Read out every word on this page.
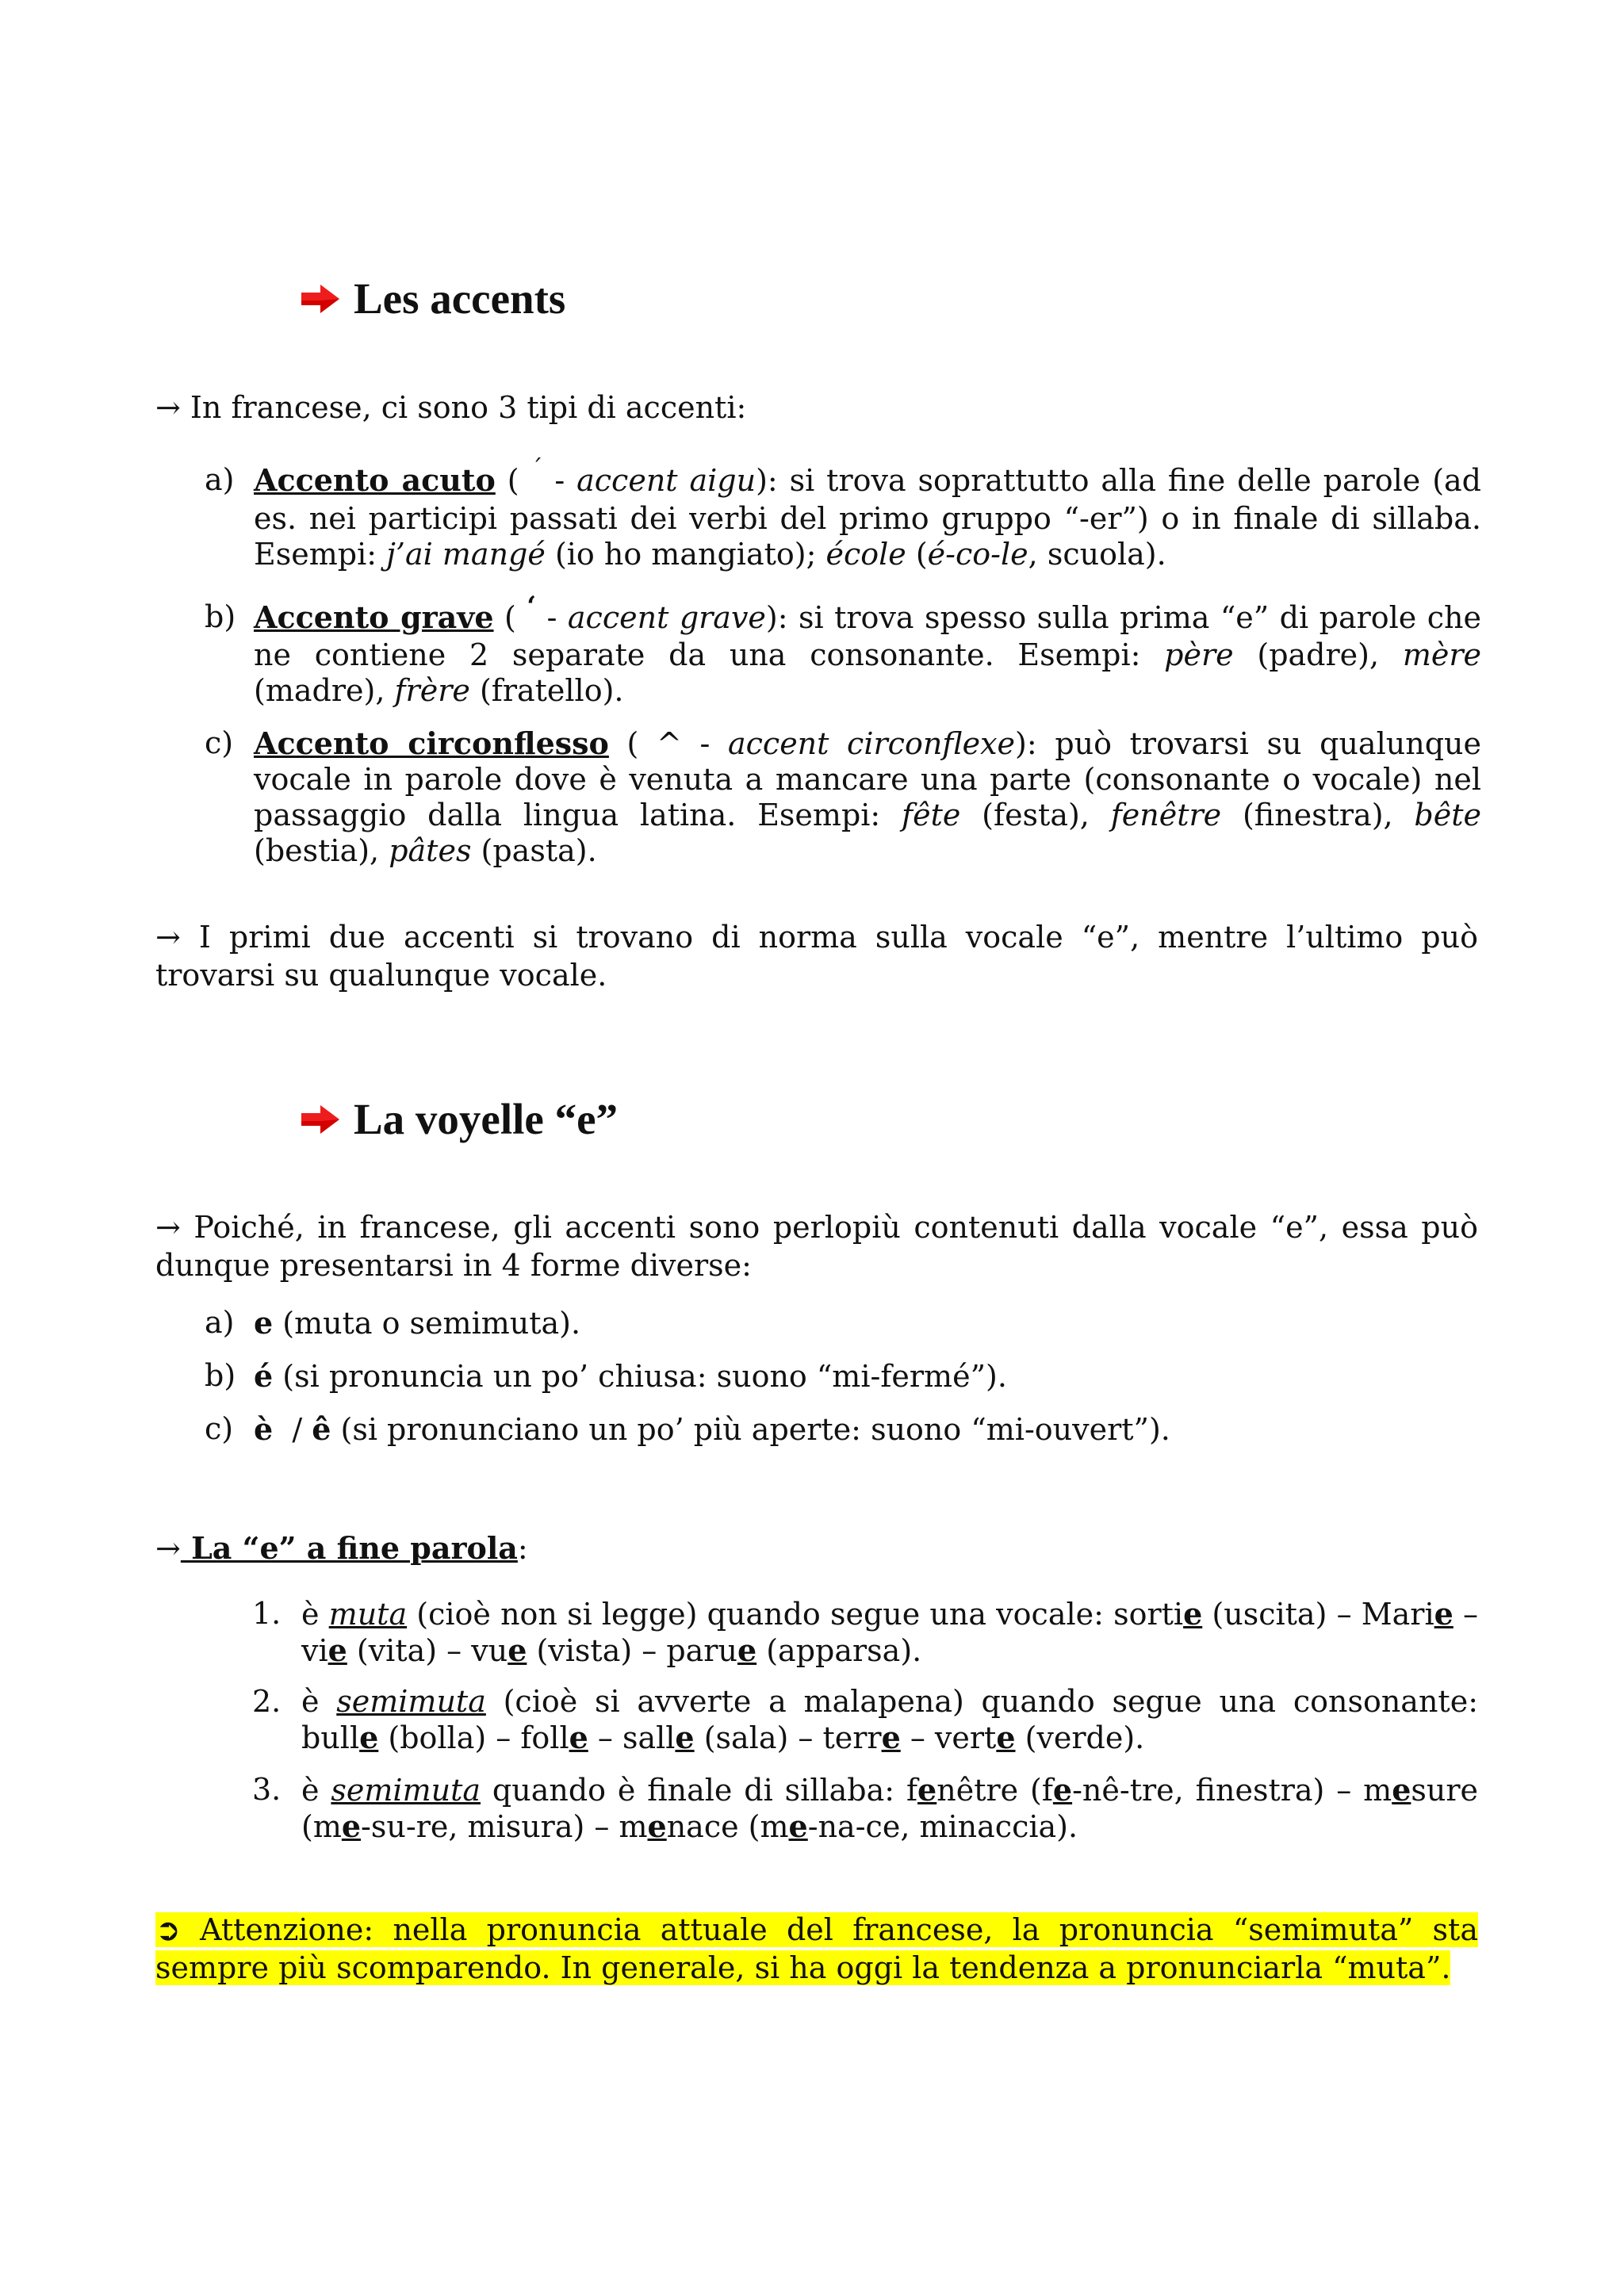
Les accents
→ In francese, ci sono 3 tipi di accenti:
a) Accento acuto ( ´ - accent aigu): si trova soprattutto alla fine delle parole (ad es. nei participi passati dei verbi del primo gruppo “-er”) o in finale di sillaba. Esempi: j’ai mangé (io ho mangiato); école (é-co-le, scuola).
b) Accento grave ( ‘ - accent grave): si trova spesso sulla prima “e” di parole che ne contiene 2 separate da una consonante. Esempi: père (padre), mère (madre), frère (fratello).
c) Accento circonflesso ( ^ - accent circonflexe): può trovarsi su qualunque vocale in parole dove è venuta a mancare una parte (consonante o vocale) nel passaggio dalla lingua latina. Esempi: fête (festa), fenêtre (finestra), bête (bestia), pâtes (pasta).
→ I primi due accenti si trovano di norma sulla vocale “e”, mentre l’ultimo può trovarsi su qualunque vocale.
La voyelle “e”
→ Poiché, in francese, gli accenti sono perlopiù contenuti dalla vocale “e”, essa può dunque presentarsi in 4 forme diverse:
a) e (muta o semimuta).
b) é (si pronuncia un po’ chiusa: suono “mi-fermé”).
c) è  / ê (si pronunciano un po’ più aperte: suono “mi-ouvert”).
→ La “e” a fine parola:
1. è muta (cioè non si legge) quando segue una vocale: sortie (uscita) – Marie – vie (vita) – vue (vista) – parue (apparsa).
2. è semimuta (cioè si avverte a malapena) quando segue una consonante: bulle (bolla) – folle – salle (sala) – terre – verte (verde).
3. è semimuta quando è finale di sillaba: fenêtre (fe-nê-tre, finestra) – mesure (me-su-re, misura) – menace (me-na-ce, minaccia).
➲ Attenzione: nella pronuncia attuale del francese, la pronuncia “semimuta” sta sempre più scomparendo. In generale, si ha oggi la tendenza a pronunciarla “muta”.
